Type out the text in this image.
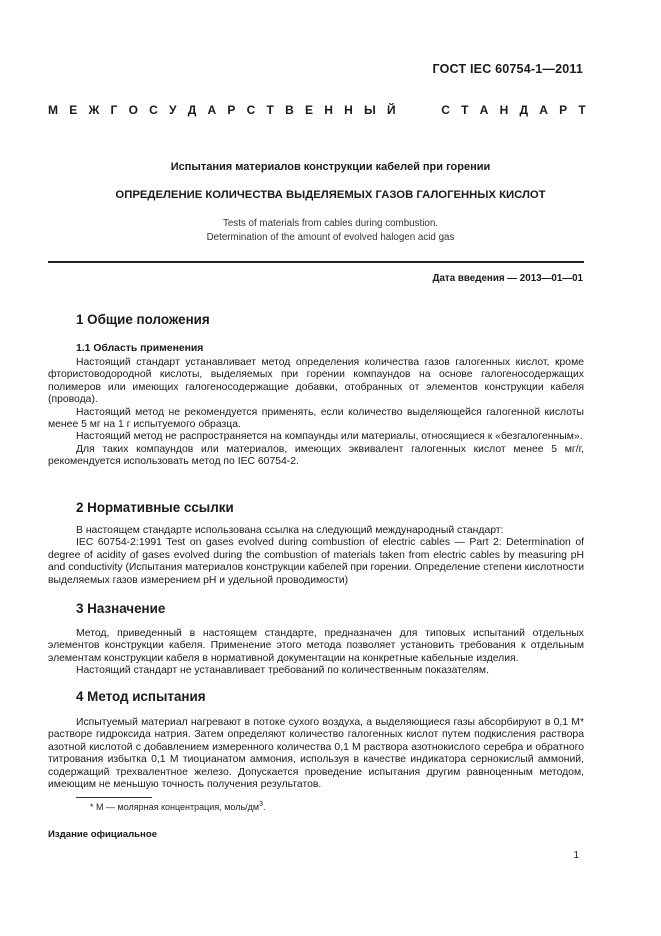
ГОСТ IEC 60754-1—2011
М Е Ж Г О С У Д А Р С Т В Е Н Н Ы Й	С Т А Н Д А Р Т
Испытания материалов конструкции кабелей при горении
ОПРЕДЕЛЕНИЕ КОЛИЧЕСТВА ВЫДЕЛЯЕМЫХ ГАЗОВ ГАЛОГЕННЫХ КИСЛОТ
Tests of materials from cables during combustion.
Determination of the amount of evolved halogen acid gas
Дата введения — 2013—01—01
1 Общие положения
1.1 Область применения

Настоящий стандарт устанавливает метод определения количества газов галогенных кислот, кроме фтористоводородной кислоты, выделяемых при горении компаундов на основе галогеносодержащих полимеров или имеющих галогеносодержащие добавки, отобранных от элементов конструкции кабеля (провода).

Настоящий метод не рекомендуется применять, если количество выделяющейся галогенной кислоты менее 5 мг на 1 г испытуемого образца.

Настоящий метод не распространяется на компаунды или материалы, относящиеся к «безгалогенным».

Для таких компаундов или материалов, имеющих эквивалент галогенных кислот менее 5 мг/г, рекомендуется использовать метод по IEC 60754-2.

2 Нормативные ссылки

В настоящем стандарте использована ссылка на следующий международный стандарт:

IEC 60754-2:1991 Test on gases evolved during combustion of electric cables — Part 2: Determination of degree of acidity of gases evolved during the combustion of materials taken from electric cables by measuring pH and conductivity (Испытания материалов конструкции кабелей при горении. Определение степени кислотности выделяемых газов измерением pH и удельной проводимости)

3 Назначение

Метод, приведенный в настоящем стандарте, предназначен для типовых испытаний отдельных элементов конструкции кабеля. Применение этого метода позволяет установить требования к отдельным элементам конструкции кабеля в нормативной документации на конкретные кабельные изделия.

Настоящий стандарт не устанавливает требований по количественным показателям.

4 Метод испытания

Испытуемый материал нагревают в потоке сухого воздуха, а выделяющиеся газы абсорбируют в 0,1 М* растворе гидроксида натрия. Затем определяют количество галогенных кислот путем подкисления раствора азотной кислотой с добавлением измеренного количества 0,1 М раствора азотнокислого серебра и обратного титрования избытка 0,1 М тиоцианатом аммония, используя в качестве индикатора сернокислый аммоний, содержащий трехвалентное железо. Допускается проведение испытания другим равноценным методом, имеющим не меньшую точность получения результатов.

* М — молярная концентрация, моль/$дм^3$.
Издание официальное
1
